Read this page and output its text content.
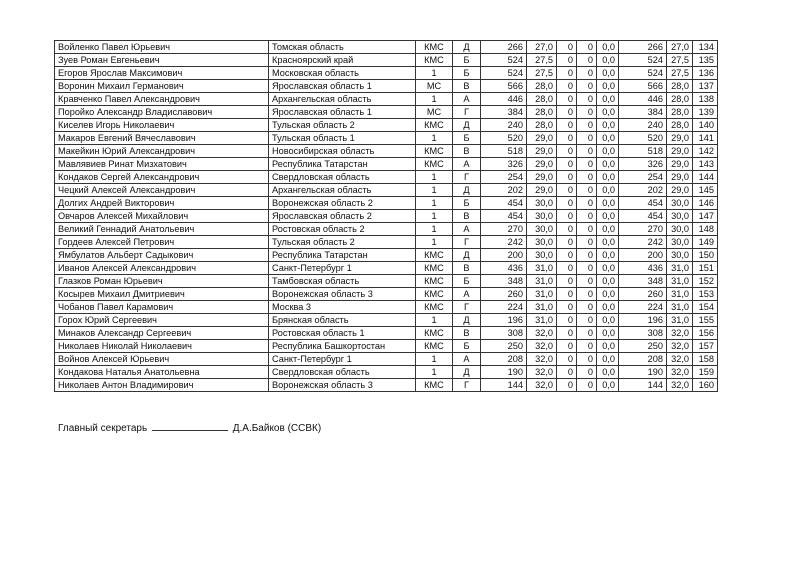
Войленко Павел Юрьевич	Томская область	КМС	Д	266	27,0	0	0	0,0	266	27,0	134
Зуев Роман Евгеньевич	Красноярский край	КМС	Б	524	27,5	0	0	0,0	524	27,5	135
Егоров Ярослав Максимович	Московская область	1	Б	524	27,5	0	0	0,0	524	27,5	136
Воронин Михаил Германович	Ярославская область 1	МС	В	566	28,0	0	0	0,0	566	28,0	137
Кравченко Павел Александрович	Архангельская область	1	А	446	28,0	0	0	0,0	446	28,0	138
Поройко Александр Владиславович	Ярославская область 1	МС	Г	384	28,0	0	0	0,0	384	28,0	139
Киселев Игорь Николаевич	Тульская область 2	КМС	Д	240	28,0	0	0	0,0	240	28,0	140
Макаров Евгений Вячеславович	Тульская область 1	1	Б	520	29,0	0	0	0,0	520	29,0	141
Макейкин Юрий Александрович	Новосибирская область	КМС	В	518	29,0	0	0	0,0	518	29,0	142
Мавлявиев Ринат Мизхатович	Республика Татарстан	КМС	А	326	29,0	0	0	0,0	326	29,0	143
Кондаков Сергей Александрович	Свердловская область	1	Г	254	29,0	0	0	0,0	254	29,0	144
Чецкий Алексей Александрович	Архангельская область	1	Д	202	29,0	0	0	0,0	202	29,0	145
Долгих Андрей Викторович	Воронежская область 2	1	Б	454	30,0	0	0	0,0	454	30,0	146
Овчаров Алексей Михайлович	Ярославская область 2	1	В	454	30,0	0	0	0,0	454	30,0	147
Великий Геннадий Анатольевич	Ростовская область 2	1	А	270	30,0	0	0	0,0	270	30,0	148
Гордеев Алексей Петрович	Тульская область 2	1	Г	242	30,0	0	0	0,0	242	30,0	149
Ямбулатов Альберт Садыкович	Республика Татарстан	КМС	Д	200	30,0	0	0	0,0	200	30,0	150
Иванов Алексей Александрович	Санкт-Петербург 1	КМС	В	436	31,0	0	0	0,0	436	31,0	151
Глазков Роман Юрьевич	Тамбовская область	КМС	Б	348	31,0	0	0	0,0	348	31,0	152
Косырев Михаил Дмитриевич	Воронежская область 3	КМС	А	260	31,0	0	0	0,0	260	31,0	153
Чобанов Павел Карамович	Москва 3	КМС	Г	224	31,0	0	0	0,0	224	31,0	154
Горох Юрий Сергеевич	Брянская область	1	Д	196	31,0	0	0	0,0	196	31,0	155
Минаков Александр Сергеевич	Ростовская область 1	КМС	В	308	32,0	0	0	0,0	308	32,0	156
Николаев Николай Николаевич	Республика Башкортостан	КМС	Б	250	32,0	0	0	0,0	250	32,0	157
Войнов Алексей Юрьевич	Санкт-Петербург 1	1	А	208	32,0	0	0	0,0	208	32,0	158
Кондакова Наталья Анатольевна	Свердловская область	1	Д	190	32,0	0	0	0,0	190	32,0	159
Николаев Антон Владимирович	Воронежская область 3	КМС	Г	144	32,0	0	0	0,0	144	32,0	160
Главный секретарь	Д.А.Байков (ССВК)
